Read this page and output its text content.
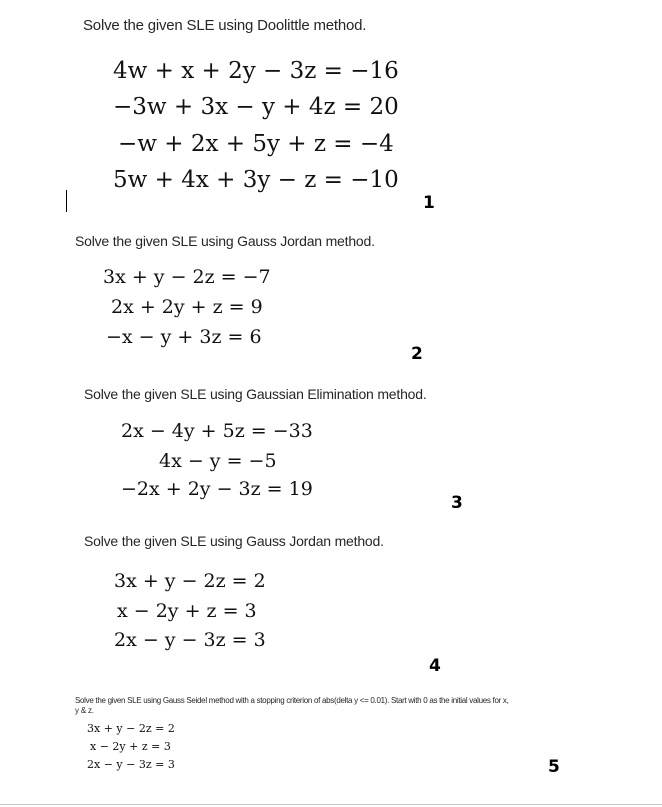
Solve the given SLE using Doolittle method.
4w + x + 2y − 3z = −16
−3w + 3x − y + 4z = 20
−w + 2x + 5y + z = −4
5w + 4x + 3y − z = −10
1
Solve the given SLE using Gauss Jordan method.
3x + y − 2z = −7
2x + 2y + z = 9
−x − y + 3z = 6
2
Solve the given SLE using Gaussian Elimination method.
2x − 4y + 5z = −33
4x − y = −5
−2x + 2y − 3z = 19
3
Solve the given SLE using Gauss Jordan method.
3x + y − 2z = 2
x − 2y + z = 3
2x − y − 3z = 3
4
Solve the given SLE using Gauss Seidel method with a stopping criterion of abs(delta y <= 0.01). Start with 0 as the initial values for x,
y & z.
3x + y − 2z = 2
x − 2y + z = 3
2x − y − 3z = 3	5
